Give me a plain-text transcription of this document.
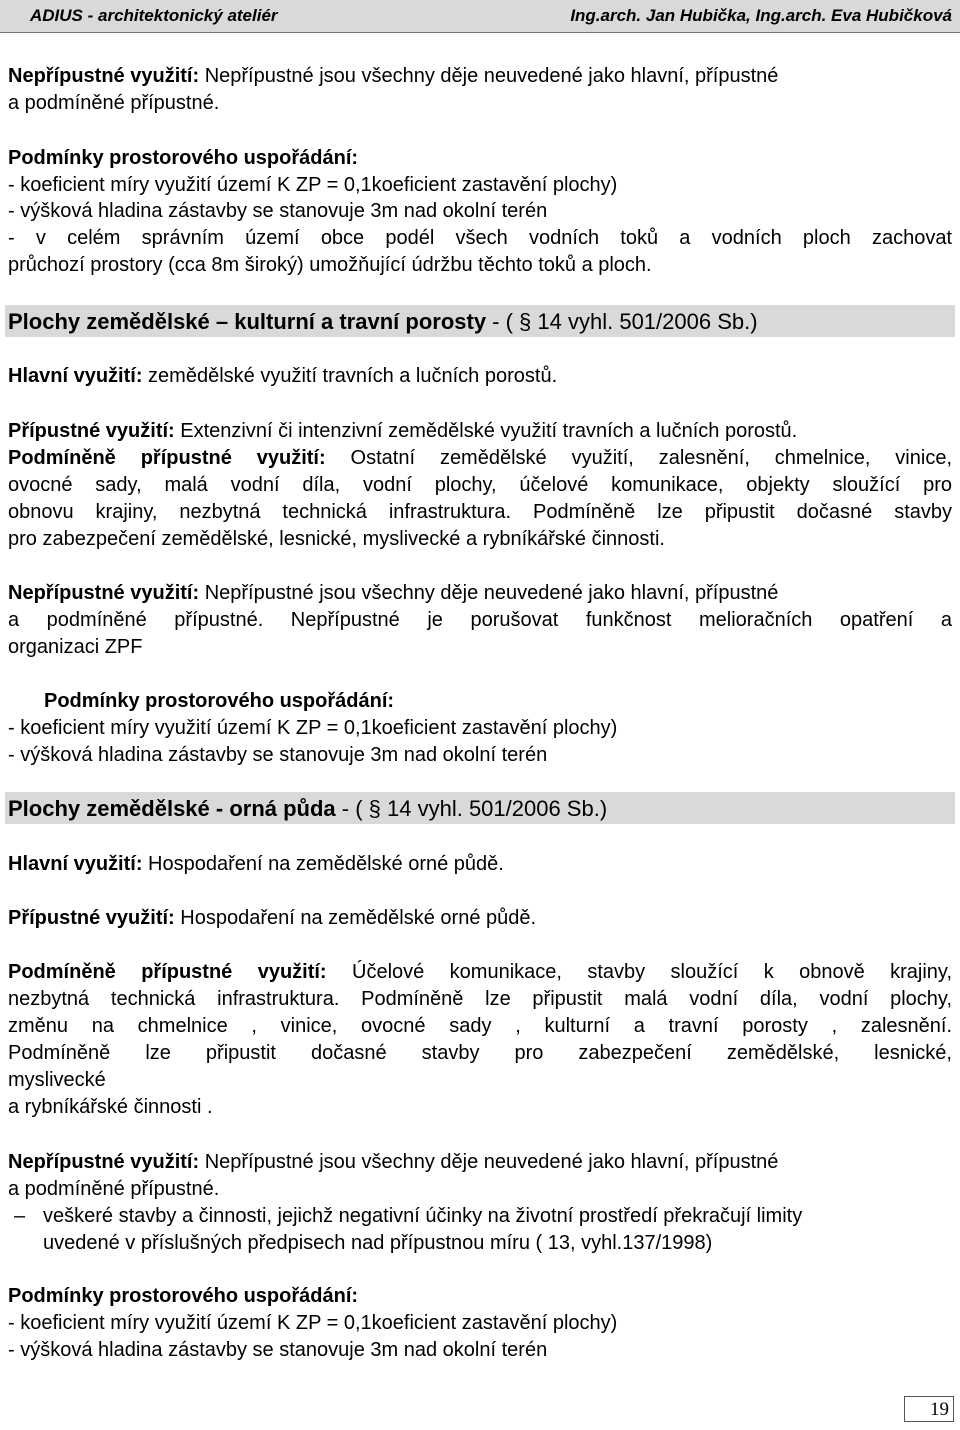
ADIUS - architektonický ateliér	Ing.arch. Jan Hubička, Ing.arch. Eva Hubičková
Nepřípustné využití: Nepřípustné jsou všechny děje neuvedené jako hlavní, přípustné
a podmíněné přípustné.
Podmínky prostorového uspořádání:
- koeficient míry využití území K ZP = 0,1koeficient zastavění plochy)
- výšková hladina zástavby se stanovuje 3m nad okolní terén
- v celém správním území obce podél všech vodních toků a vodních ploch zachovat
průchozí prostory (cca 8m široký) umožňující údržbu těchto toků a ploch.
Plochy zemědělské – kulturní a travní porosty - ( § 14 vyhl. 501/2006 Sb.)
Hlavní využití: zemědělské využití travních a lučních porostů.
Přípustné využití: Extenzivní či intenzivní zemědělské využití travních a lučních porostů.
Podmíněně přípustné využití: Ostatní zemědělské využití, zalesnění, chmelnice, vinice,
ovocné sady, malá vodní díla, vodní plochy, účelové komunikace, objekty sloužící pro
obnovu krajiny, nezbytná technická infrastruktura. Podmíněně lze připustit dočasné stavby
pro zabezpečení zemědělské, lesnické, myslivecké a rybníkářské činnosti.
Nepřípustné využití: Nepřípustné jsou všechny děje neuvedené jako hlavní, přípustné
a podmíněné přípustné. Nepřípustné je porušovat funkčnost melioračních opatření a
organizaci ZPF
Podmínky prostorového uspořádání:
- koeficient míry využití území K ZP = 0,1koeficient zastavění plochy)
- výšková hladina zástavby se stanovuje 3m nad okolní terén
Plochy zemědělské - orná půda - ( § 14 vyhl. 501/2006 Sb.)
Hlavní využití: Hospodaření na zemědělské orné půdě.
Přípustné využití: Hospodaření na zemědělské orné půdě.
Podmíněně přípustné využití: Účelové komunikace, stavby sloužící k obnově krajiny,
nezbytná technická infrastruktura. Podmíněně lze připustit malá vodní díla, vodní plochy,
změnu na chmelnice , vinice, ovocné sady , kulturní a travní porosty , zalesnění.
Podmíněně lze připustit dočasné stavby pro zabezpečení zemědělské, lesnické,
myslivecké
a rybníkářské činnosti .
Nepřípustné využití: Nepřípustné jsou všechny děje neuvedené jako hlavní, přípustné
a podmíněné přípustné.
– veškeré stavby a činnosti, jejichž negativní účinky na životní prostředí překračují limity
uvedené v příslušných předpisech nad přípustnou míru ( 13, vyhl.137/1998)
Podmínky prostorového uspořádání:
- koeficient míry využití území K ZP = 0,1koeficient zastavění plochy)
- výšková hladina zástavby se stanovuje 3m nad okolní terén
19
